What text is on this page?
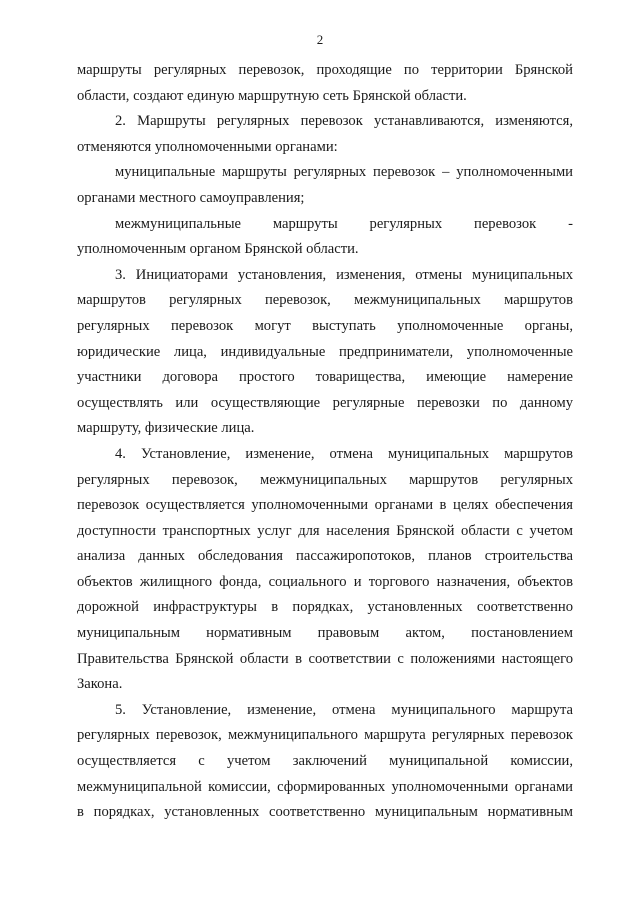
2
маршруты регулярных перевозок, проходящие по территории Брянской
области, создают единую маршрутную сеть Брянской области.
2. Маршруты регулярных перевозок устанавливаются, изменяются,
отменяются уполномоченными органами:
муниципальные маршруты регулярных перевозок – уполномоченными
органами местного самоуправления;
межмуниципальные маршруты регулярных перевозок -
уполномоченным органом Брянской области.
3. Инициаторами установления, изменения, отмены муниципальных
маршрутов регулярных перевозок, межмуниципальных маршрутов
регулярных перевозок могут выступать уполномоченные органы,
юридические лица, индивидуальные предприниматели, уполномоченные
участники договора простого товарищества, имеющие намерение
осуществлять или осуществляющие регулярные перевозки по данному
маршруту, физические лица.
4. Установление, изменение, отмена муниципальных маршрутов
регулярных перевозок, межмуниципальных маршрутов регулярных
перевозок осуществляется уполномоченными органами в целях обеспечения
доступности транспортных услуг для населения Брянской области с учетом
анализа данных обследования пассажиропотоков, планов строительства
объектов жилищного фонда, социального и торгового назначения, объектов
дорожной инфраструктуры в порядках, установленных соответственно
муниципальным нормативным правовым актом, постановлением
Правительства Брянской области в соответствии с положениями настоящего
Закона.
5. Установление, изменение, отмена муниципального маршрута
регулярных перевозок, межмуниципального маршрута регулярных перевозок
осуществляется с учетом заключений муниципальной комиссии,
межмуниципальной комиссии, сформированных уполномоченными органами
в порядках, установленных соответственно муниципальным нормативным
